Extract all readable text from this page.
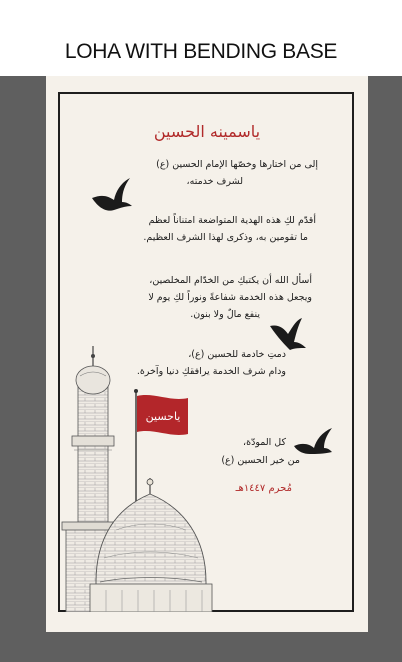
LOHA WITH BENDING BASE
ياسمينه الحسين
إلى من اختارها وخصّها الإمام الحسين (ع)
لشرف خدمته،
أقدّم لكِ هذه الهدية المتواضعة امتناناً لعظم
ما تقومين به، وذكرى لهذا الشرف العظيم.
أسأل الله أن يكتبكِ من الخدّام المخلصين،
ويجعل هذه الخدمة شفاعةً ونوراً لكِ يوم لا
ينفع مالٌ ولا بنون.
دمتِ خادمة للحسين (ع)،
ودام شرف الخدمة يرافقكِ دنيا وآخرة.
كل المودّة،
من خير الحسين (ع)
مُحرم ١٤٤٧هـ
ياحسين
